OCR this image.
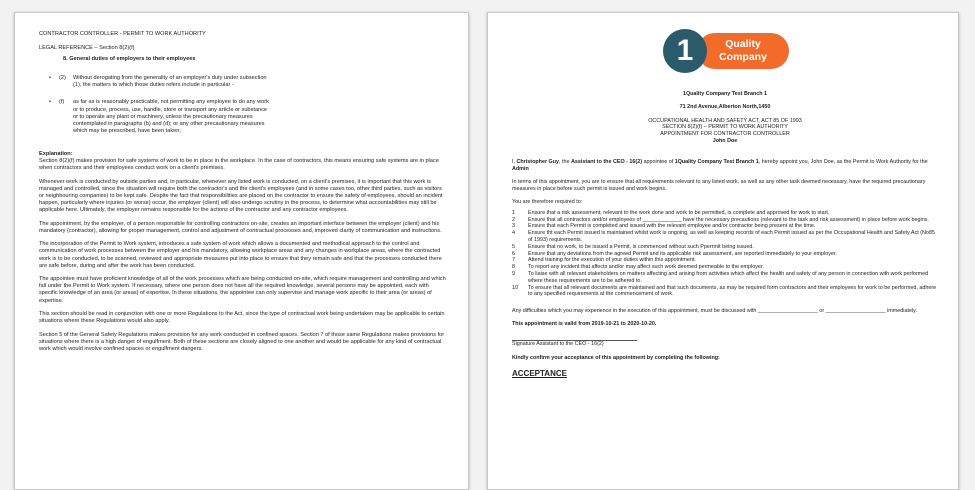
CONTRACTOR CONTROLLER - PERMIT TO WORK AUTHORITY

LEGAL REFERENCE – Section 8(2)(f)

8. General duties of employers to their employees

•	(2)	Without derogating from the generality of an employer's duty under subsection (1), the matters to which those duties refers include in particular -
•	(f)	as far as is reasonably practicable, not permitting any employee to do any work or to produce, process, use, handle, store or transport any article or substance or to operate any plant or machinery, unless the precautionary measures contemplated in paragraphs (b) and (d); or any other precautionary measures which may be prescribed, have been taken;

Explanation:

Section 8(2)(f) makes provision for safe systems of work to be in place in the workplace. In the case of contractors, this means ensuring safe systems are in place when contractors and their employees conduct work on a client's premises.

Whenever work is conducted by outside parties and, in particular, whenever any listed work is conducted, on a client's premises, it is important that this work is managed and controlled, since the situation will require both the contractor's and the client's employees (and in some cases too, other third parties, such as visitors or neighbouring companies) to be kept safe. Despite the fact that responsibilities are placed on the contractor to ensure the safety of employees, should an incident happen, particularly where injuries (or worse) occur, the employer (client) will also undergo scrutiny in the process, to determine what accountabilities may still be applicable here. Ultimately, the employer remains responsible for the actions of the contractor and any contractor employees.

The appointment, by the employer, of a person responsible for controlling contractors on-site, creates an important interface between the employer (client) and his mandatory (contractor), allowing for proper management, control and adjustment of contractual processes and, improved clarity of communication and instructions.

The incorporation of the Permit to Work system, introduces a safe system of work which allows a documented and methodical approach to the control and communication of work processes between the employer and his mandatory, allowing workplace areas and any changes in workplace areas, where the contracted work is to be conducted, to be scanned, reviewed and appropriate measures put into place to ensure that they remain safe and that the processes conducted there are safe before, during and after the work has been conducted.

The appointee must have proficient knowledge of all of the work processes which are being conducted on-site, which require management and controlling and which fall under the Permit to Work system. If necessary, where one person does not have all the required knowledge, several persons may be appointed, each with specific knowledge of an area (or areas) of expertise. In these situations, the appointee can only supervise and manage work specific to their area (or areas) of expertise.

This section should be read in conjunction with one or more Regulations to the Act, since the type of contractual work being undertaken may be applicable to certain situations where these Regulations would also apply.

Section 5 of the General Safety Regulations makes provision for any work conducted in confined spaces. Section 7 of those same Regulations makes provisions for situations where there is a high danger of engulfment. Both of these sections are closely aligned to one another and would be applicable for any kind of contractual work which would involve confined spaces or engulfment dangers.

1	Quality
Company

1Quality Company Test Branch 1

71 2nd Avenue,Alberton North,1450

OCCUPATIONAL HEALTH AND SAFETY ACT, ACT 85 OF 1993

SECTION 8(2)(f) – PERMIT TO WORK AUTHORITY

APPOINTMENT FOR CONTRACTOR CONTROLLER

John Doe

I, Christopher Guy, the Assistant to the CEO - 16(2) appointee of 1Quality Company Test Branch 1, hereby appoint you, John Doe, as the Permit to Work Authority for the Admin

In terms of this appointment, you are to ensure that all requirements relevant to any listed work, as well as any other task deemed necessary, have the required precautionary measures in place before such permit is issued and work begins.

You are therefore required to:

1	Ensure that a risk assessment, relevant to the work done and work to be permitted, is complete and approved for work to start.
2	Ensure that all contractors and/or employees of _____________ have the necessary precautions (relevant to the task and risk assessment) in place before work begins.
3	Ensure that each Permit is completed and issued with the relevant employee and/or contractor being present at the time.
4	Ensure tht each Permit issued is maintained whilst work is ongoing, as well as keeping records of each Permit issued as per the Occupational Health and Safety Act (No85 of 1993) requirements.
5	Ensure that no work, to be issued a Permit, is commenced without such Pperrmit being issued.
6	Ensure that any deviations from the agreed Permit and its applicable risk assessment, are reported immediately to your employer.
7	Attend training for the execution of your duties within this appointment.
8	To report any incident that affects and/or may affect such work deemed permeable to the employer.
9	To liaise with all relevant stakeholders on matters affecting and arising from activities which affect the health and safety of any person in connection with work performed where these requirements are to be adhered to.
10	To ensure that all relevant documents are maintained and that such documents, as may be required form contractors and their employees for work to be performed, adhere to any specified requirements at the commencement of work.

Any difficulties which you may experience in the execution of this appointment, must be discussed with ____________________ or ____________________ immediately.

This appointment is valid from 2019-10-21 to 2020-10-20.

Signature Assistant to the CEO - 16(2)

Kindly confirm your acceptance of this appointment by completing the following:

ACCEPTANCE
